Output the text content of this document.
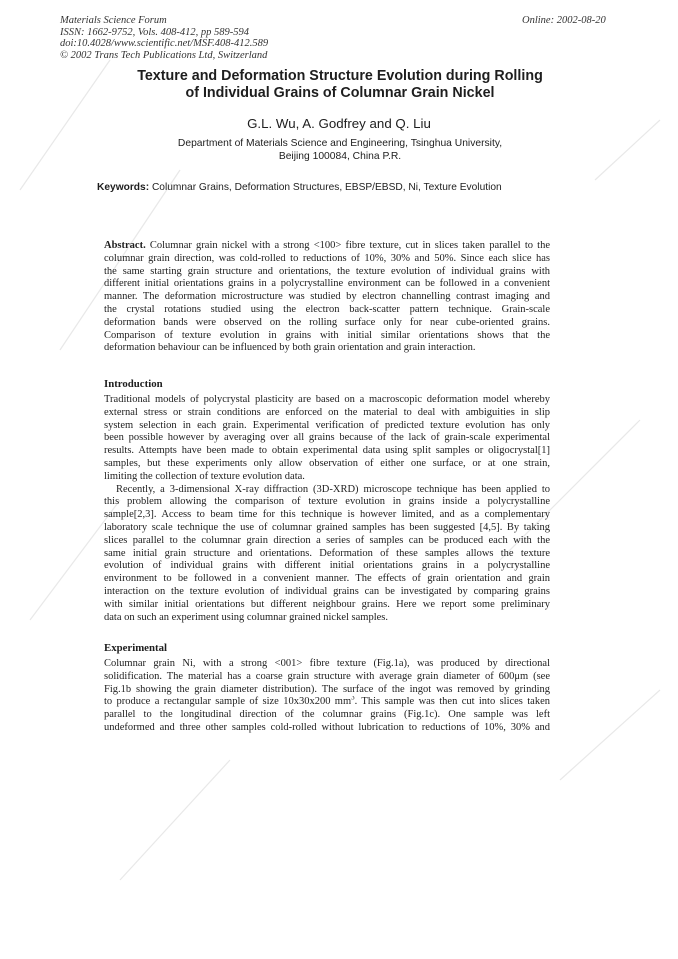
Materials Science Forum
ISSN: 1662-9752, Vols. 408-412, pp 589-594
doi:10.4028/www.scientific.net/MSF.408-412.589
© 2002 Trans Tech Publications Ltd, Switzerland
Online: 2002-08-20
Texture and Deformation Structure Evolution during Rolling
of Individual Grains of Columnar Grain Nickel
G.L. Wu, A. Godfrey and Q. Liu
Department of Materials Science and Engineering, Tsinghua University,
Beijing 100084, China P.R.
Keywords: Columnar Grains, Deformation Structures, EBSP/EBSD, Ni, Texture Evolution
Abstract. Columnar grain nickel with a strong <100> fibre texture, cut in slices taken parallel to the
columnar grain direction, was cold-rolled to reductions of 10%, 30% and 50%. Since each slice has
the same starting grain structure and orientations, the texture evolution of individual grains with
different initial orientations grains in a polycrystalline environment can be followed in a convenient
manner. The deformation microstructure was studied by electron channelling contrast imaging and
the crystal rotations studied using the electron back-scatter pattern technique. Grain-scale
deformation bands were observed on the rolling surface only for near cube-oriented grains.
Comparison of texture evolution in grains with initial similar orientations shows that the
deformation behaviour can be influenced by both grain orientation and grain interaction.
Introduction
Traditional models of polycrystal plasticity are based on a macroscopic deformation model whereby
external stress or strain conditions are enforced on the material to deal with ambiguities in slip
system selection in each grain. Experimental verification of predicted texture evolution has only
been possible however by averaging over all grains because of the lack of grain-scale experimental
results. Attempts have been made to obtain experimental data using split samples or oligocrystal[1]
samples, but these experiments only allow observation of either one surface, or at one strain,
limiting the collection of texture evolution data.
Recently, a 3-dimensional X-ray diffraction (3D-XRD) microscope technique has been applied to
this problem allowing the comparison of texture evolution in grains inside a polycrystalline
sample[2,3]. Access to beam time for this technique is however limited, and as a complementary
laboratory scale technique the use of columnar grained samples has been suggested [4,5]. By taking
slices parallel to the columnar grain direction a series of samples can be produced each with the
same initial grain structure and orientations. Deformation of these samples allows the texture
evolution of individual grains with different initial orientations grains in a polycrystalline
environment to be followed in a convenient manner. The effects of grain orientation and grain
interaction on the texture evolution of individual grains can be investigated by comparing grains
with similar initial orientations but different neighbour grains. Here we report some preliminary
data on such an experiment using columnar grained nickel samples.
Experimental
Columnar grain Ni, with a strong <001> fibre texture (Fig.1a), was produced by directional
solidification. The material has a coarse grain structure with average grain diameter of 600μm (see
Fig.1b showing the grain diameter distribution). The surface of the ingot was removed by grinding
to produce a rectangular sample of size 10x30x200 $mm^3$. This sample was then cut into slices taken
parallel to the longitudinal direction of the columnar grains (Fig.1c). One sample was left
undeformed and three other samples cold-rolled without lubrication to reductions of 10%, 30% and
